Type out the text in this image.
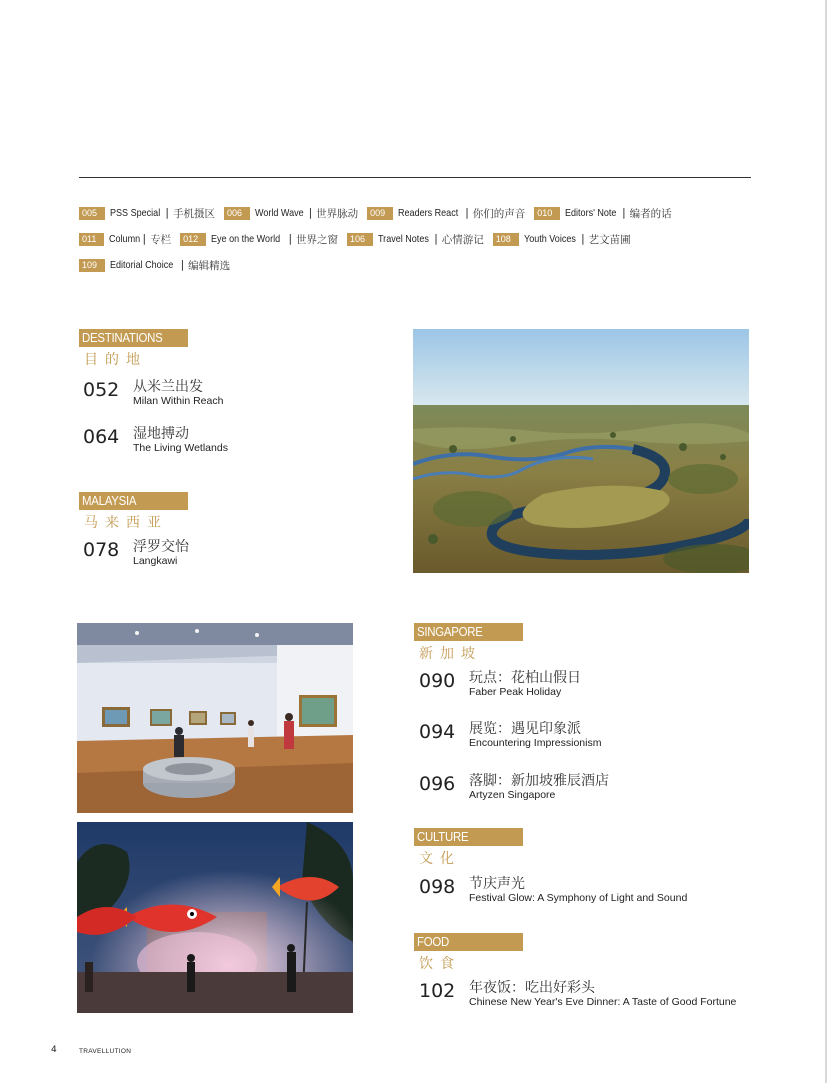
005	PSS Special | 手机摄区	006	World Wave | 世界脉动	009	Readers React | 你们的声音	010	Editors' Note | 编者的话
011	Column | 专栏	012	Eye on the World | 世界之窗	106	Travel Notes | 心情游记	108	Youth Voices | 艺文苗圃
109	Editorial Choice | 编辑精选
DESTINATIONS
目的地
052 从米兰出发
Milan Within Reach
064 湿地搏动
The Living Wetlands
MALAYSIA
马来西亚
078 浮罗交怡
Langkawi
SINGAPORE
新加坡
090 玩点：花柏山假日
Faber Peak Holiday
094 展览：遇见印象派
Encountering Impressionism
096 落脚：新加坡雅辰酒店
Artyzen Singapore
CULTURE
文化
098 节庆声光
Festival Glow: A Symphony of Light and Sound
FOOD
饮食
102 年夜饭：吃出好彩头
Chinese New Year's Eve Dinner: A Taste of Good Fortune
4	TRAVELLUTION
